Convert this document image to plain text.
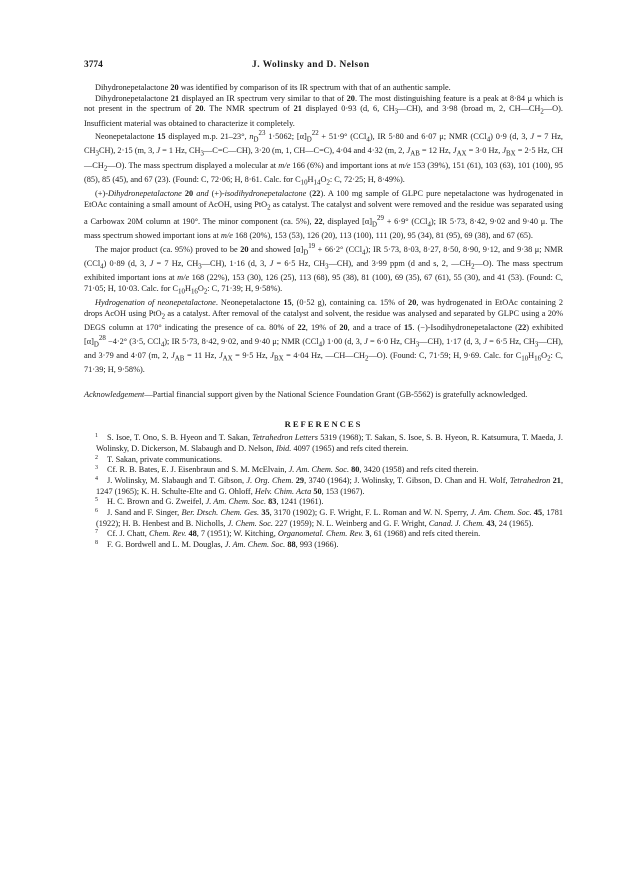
3774	J. Wolinsky and D. Nelson

Dihydronepetalactone 20 was identified by comparison of its IR spectrum with that of an authentic sample.

Dihydronepetalactone 21 displayed an IR spectrum very similar to that of 20. The most distinguishing feature is a peak at 8·84 μ which is not present in the spectrum of 20. The NMR spectrum of 21 displayed 0·93 (d, 6, $CH_3—CH$), and 3·98 (broad m, 2, $CH—CH_2—O$). Insufficient material was obtained to characterize it completely.

Neonepetalactone 15 displayed m.p. 21–23°, $n_D^{23}$ 1·5062; $[\alpha]_D^{22} + 51\cdot 9^\circ$ (CCl$_4$), IR 5·80 and 6·07 μ; NMR (CCl$_4$) 0·9 (d, 3, J = 7 Hz, $CH_3CH$), 2·15 (m, 3, J = 1 Hz, $CH_3—C=C—CH$), 3·20 (m, 1, CH—C=C), 4·04 and 4·32 (m, 2, $J_{AB} = 12$ Hz, $J_{AX} = 3\cdot 0$ Hz, $J_{BX} = 2\cdot 5$ Hz, $CH—CH_2—O$). The mass spectrum displayed a molecular at m/e 166 (6%) and important ions at m/e 153 (39%), 151 (61), 103 (63), 101 (100), 95 (85), 85 (45), and 67 (23). (Found: C, 72·06; H, 8·61. Calc. for $C_{10}H_{14}O_2$: C, 72·25; H, 8·49%).

(+)-Dihydronepetalactone 20 and (+)-isodihydronepetalactone (22). A 100 mg sample of GLPC pure nepetalactone was hydrogenated in EtOAc containing a small amount of AcOH, using PtO$_2$ as catalyst. The catalyst and solvent were removed and the residue was separated using a Carbowax 20M column at 190°. The minor component (ca. 5%), 22, displayed $[\alpha]_D^{29} + 6\cdot 9^\circ$ (CCl$_4$); IR 5·73, 8·42, 9·02 and 9·40 μ. The mass spectrum showed important ions at m/e 168 (20%), 153 (53), 126 (20), 113 (100), 111 (20), 95 (34), 81 (95), 69 (38), and 67 (65).

The major product (ca. 95%) proved to be 20 and showed $[\alpha]_D^{19} + 66\cdot 2^\circ$ (CCl$_4$); IR 5·73, 8·03, 8·27, 8·50, 8·90, 9·12, and 9·38 μ; NMR (CCl$_4$) 0·89 (d, 3, J = 7 Hz, $CH_3—CH$), 1·16 (d, 3, J = 6·5 Hz, $CH_3—CH$), and 3·99 ppm (d and s, 2, $—CH_2—O$). The mass spectrum exhibited important ions at m/e 168 (22%), 153 (30), 126 (25), 113 (68), 95 (38), 81 (100), 69 (35), 67 (61), 55 (30), and 41 (53). (Found: C, 71·05; H, 10·03. Calc. for $C_{10}H_{16}O_2$: C, 71·39; H, 9·58%).

Hydrogenation of neonepetalactone. Neonepetalactone 15, (0·52 g), containing ca. 15% of 20, was hydrogenated in EtOAc containing 2 drops AcOH using PtO$_2$ as a catalyst. After removal of the catalyst and solvent, the residue was analysed and separated by GLPC using a 20% DEGS column at 170° indicating the presence of ca. 80% of 22, 19% of 20, and a trace of 15. (−)-Isodihydronepetalactone (22) exhibited $[\alpha]_D^{28} -4\cdot 2^\circ$ (3·5, CCl$_4$); IR 5·73, 8·42, 9·02, and 9·40 μ; NMR (CCl$_4$) 1·00 (d, 3, J = 6·0 Hz, $CH_3—CH$), 1·17 (d, 3, J = 6·5 Hz, $CH_3—CH$), and 3·79 and 4·07 (m, 2, $J_{AB} = 11$ Hz, $J_{AX} = 9\cdot 5$ Hz, $J_{BX} = 4\cdot 04$ Hz, $—CH—CH_2—O$). (Found: C, 71·59; H, 9·69. Calc. for $C_{10}H_{16}O_2$: C, 71·39; H, 9·58%).

Acknowledgement—Partial financial support given by the National Science Foundation Grant (GB-5562) is gratefully acknowledged.

REFERENCES

1 S. Isoe, T. Ono, S. B. Hyeon and T. Sakan, Tetrahedron Letters 5319 (1968); T. Sakan, S. Isoe, S. B. Hyeon, R. Katsumura, T. Maeda, J. Wolinsky, D. Dickerson, M. Slabaugh and D. Nelson, Ibid. 4097 (1965) and refs cited therein.

2 T. Sakan, private communications.

3 Cf. R. B. Bates, E. J. Eisenbraun and S. M. McElvain, J. Am. Chem. Soc. 80, 3420 (1958) and refs cited therein.

4 J. Wolinsky, M. Slabaugh and T. Gibson, J. Org. Chem. 29, 3740 (1964); J. Wolinsky, T. Gibson, D. Chan and H. Wolf, Tetrahedron 21, 1247 (1965); K. H. Schulte-Elte and G. Ohloff, Helv. Chim. Acta 50, 153 (1967).

5 H. C. Brown and G. Zweifel, J. Am. Chem. Soc. 83, 1241 (1961).

6 J. Sand and F. Singer, Ber. Dtsch. Chem. Ges. 35, 3170 (1902); G. F. Wright, F. L. Roman and W. N. Sperry, J. Am. Chem. Soc. 45, 1781 (1922); H. B. Henbest and B. Nicholls, J. Chem. Soc. 227 (1959); N. L. Weinberg and G. F. Wright, Canad. J. Chem. 43, 24 (1965).

7 Cf. J. Chatt, Chem. Rev. 48, 7 (1951); W. Kitching, Organometal. Chem. Rev. 3, 61 (1968) and refs cited therein.

8 F. G. Bordwell and L. M. Douglas, J. Am. Chem. Soc. 88, 993 (1966).
